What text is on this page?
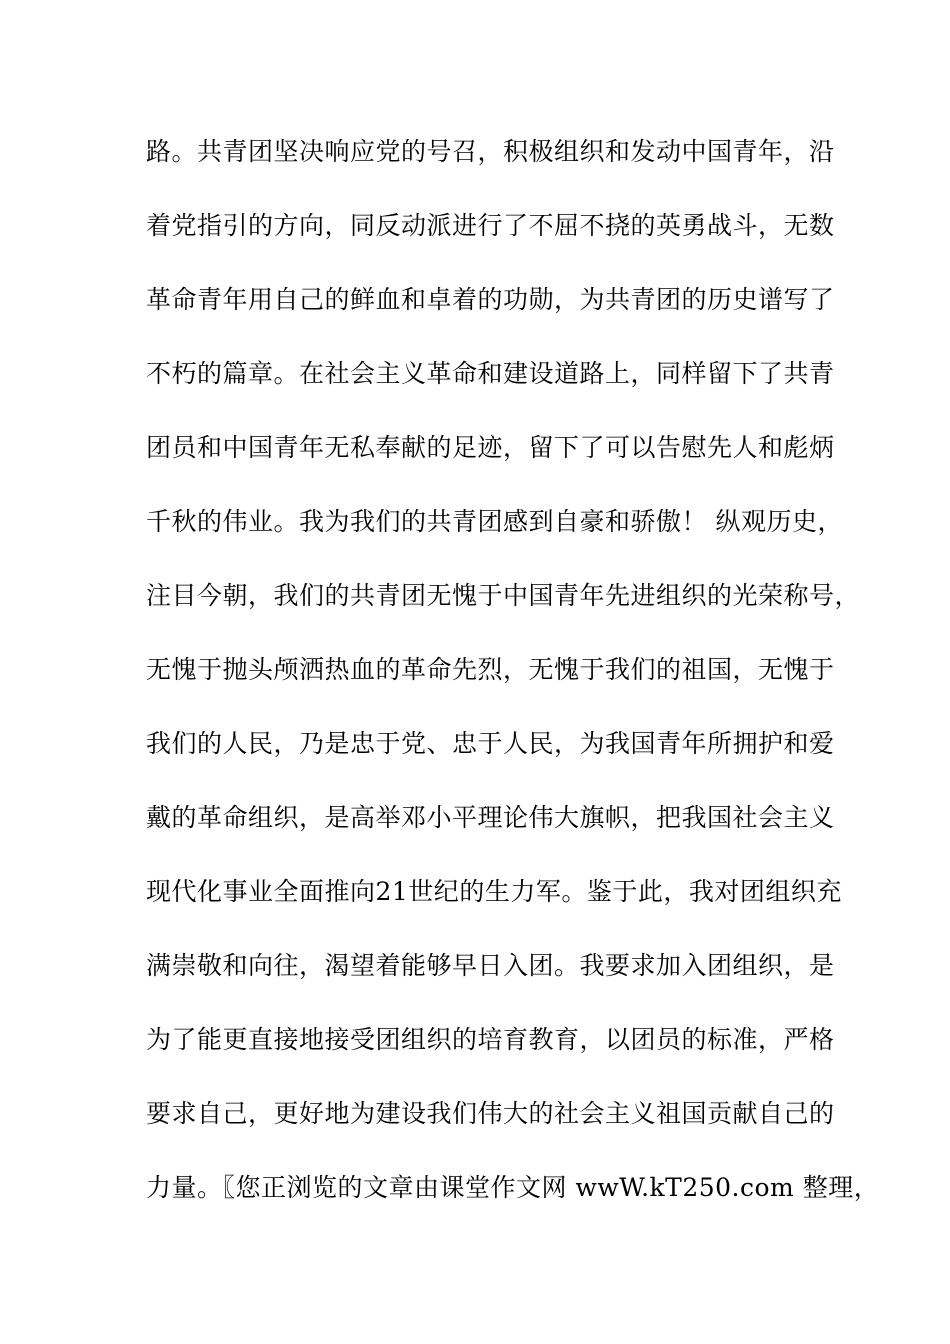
路。共青团坚决响应党的号召，积极组织和发动中国青年，沿
着党指引的方向，同反动派进行了不屈不挠的英勇战斗，无数
革命青年用自己的鲜血和卓着的功勋，为共青团的历史谱写了
不朽的篇章。在社会主义革命和建设道路上，同样留下了共青
团员和中国青年无私奉献的足迹，留下了可以告慰先人和彪炳
千秋的伟业。我为我们的共青团感到自豪和骄傲！ 纵观历史，
注目今朝，我们的共青团无愧于中国青年先进组织的光荣称号，
无愧于抛头颅洒热血的革命先烈，无愧于我们的祖国，无愧于
我们的人民，乃是忠于党、忠于人民，为我国青年所拥护和爱
戴的革命组织，是高举邓小平理论伟大旗帜，把我国社会主义
现代化事业全面推向21世纪的生力军。鉴于此，我对团组织充
满崇敬和向往，渴望着能够早日入团。我要求加入团组织，是
为了能更直接地接受团组织的培育教育，以团员的标准，严格
要求自己，更好地为建设我们伟大的社会主义祖国贡献自己的
力量。〖您正浏览的文章由课堂作文网 wwW.kT250.com 整理，
